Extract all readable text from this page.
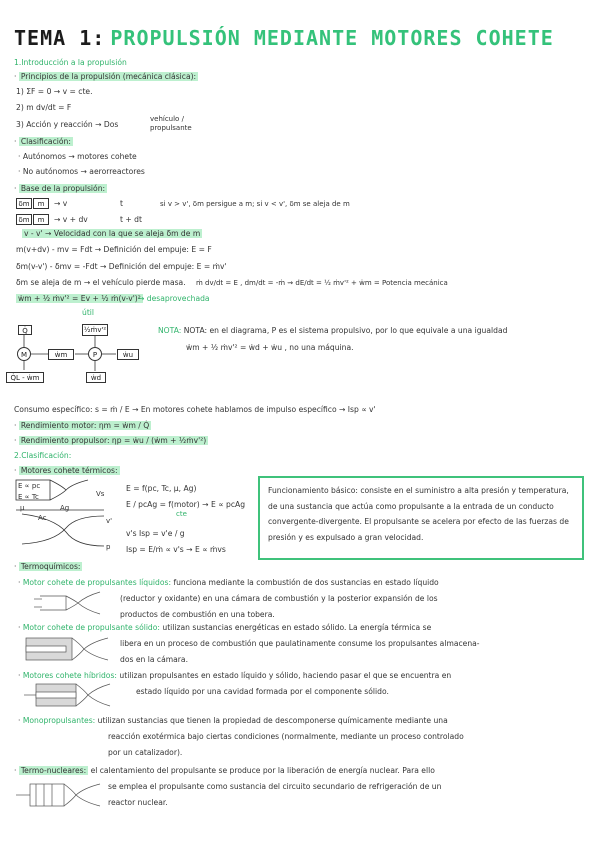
TEMA 1: PROPULSIÓN MEDIANTE MOTORES COHETE
1.Introducción a la propulsión
· Principios de la propulsión (mecánica clásica):
1) ΣF = 0 → v = cte.
2) m dv/dt = F
3) Acción y reacción → Dos
vehículo / propulsante
· Clasificación:
· Autónomos → motores cohete
· No autónomos → aerorreactores
· Base de la propulsión:
δm	m	→ v	t	si v > v', δm persigue a m; si v < v', δm se aleja de m
δm	m	→ v + dv	t + dt
v - v' → Velocidad con la que se aleja δm de m
m(v+dv) - mv = Fdt → Definición del empuje: E = F
δm(v-v') - δmv = -Fdt → Definición del empuje: E = ṁv'
δm se aleja de m → el vehículo pierde masa. ṁ dv/dt = E , dm/dt = -ṁ ⇝ dE/dt = ½ ṁv'² + ẇm = Potencia mecánica
ẇm + ½ ṁv'² = Ev + ½ ṁ(v-v')²
→ desaprovechada
útil
Q̇	½ṁv'²
M	ẇm	P	ẇu
Q̇L - ẇm	ẇd
NOTA: NOTA: en el diagrama, P es el sistema propulsivo, por lo que equivale a una igualdad
ẇm + ½ ṁv'² = ẇd + ẇu , no una máquina.
Consumo específico: s = ṁ / E → En motores cohete hablamos de impulso específico → Isp ∝ v'
· Rendimiento motor: ηm = ẇm / Q̇
· Rendimiento propulsor: ηp = ẇu / (ẇm + ½ṁv'²)
2.Clasificación:
· Motores cohete térmicos:
E ∝ pc
E ∝ Tc
μ	Ag
Ac
Vs
v'
p
E = f(pc, Tc, μ, Ag)
E / pcAg = f(motor) → E ∝ pcAg
cte
v's Isp = v'e / g
Isp = E/ṁ ∝ v's → E ∝ ṁvs
Funcionamiento básico: consiste en el suministro a alta presión y temperatura, de una sustancia que actúa como propulsante a la entrada de un conducto convergente-divergente. El propulsante se acelera por efecto de las fuerzas de presión y es expulsado a gran velocidad.
· Termoquímicos:
· Motor cohete de propulsantes líquidos: funciona mediante la combustión de dos sustancias en estado líquido
(reductor y oxidante) en una cámara de combustión y la posterior expansión de los
productos de combustión en una tobera.
· Motor cohete de propulsante sólido: utilizan sustancias energéticas en estado sólido. La energía térmica se
libera en un proceso de combustión que paulatinamente consume los propulsantes almacena-
dos en la cámara.
· Motores cohete híbridos: utilizan propulsantes en estado líquido y sólido, haciendo pasar el que se encuentra en
estado líquido por una cavidad formada por el componente sólido.
· Monopropulsantes: utilizan sustancias que tienen la propiedad de descomponerse químicamente mediante una
reacción exotérmica bajo ciertas condiciones (normalmente, mediante un proceso controlado
por un catalizador).
· Termo-nucleares: el calentamiento del propulsante se produce por la liberación de energía nuclear. Para ello
se emplea el propulsante como sustancia del circuito secundario de refrigeración de un
reactor nuclear.
